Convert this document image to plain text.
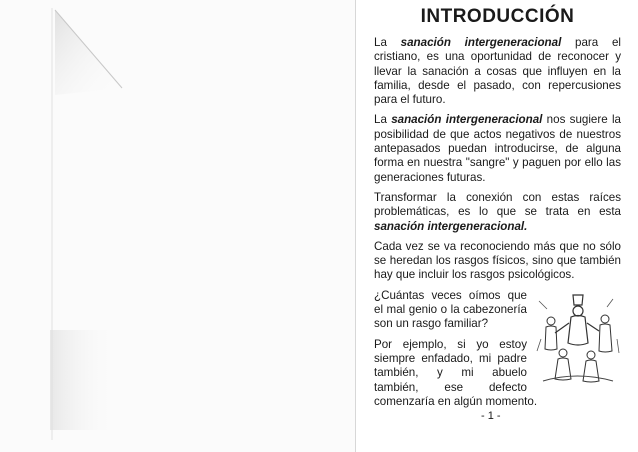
INTRODUCCIÓN

La sanación intergeneracional para el cristiano, es una oportunidad de reconocer y llevar la sanación a cosas que influyen en la familia, desde el pasado, con repercusiones para el futuro.

La sanación intergeneracional nos sugiere la posibilidad de que actos negativos de nuestros antepasados puedan introducirse, de alguna forma en nuestra "sangre" y paguen por ello las generaciones futuras.

Transformar la conexión con estas raíces problemáticas, es lo que se trata en esta sanación intergeneracional.

Cada vez se va reconociendo más que no sólo se heredan los rasgos físicos, sino que también hay que incluir los rasgos psicológicos.

¿Cuántas veces oímos que el mal genio o la cabezonería son un rasgo familiar?

Por ejemplo, si yo estoy siempre enfadado, mi padre también, y mi abuelo también, ese defecto comenzaría en algún momento.

- 1 -
